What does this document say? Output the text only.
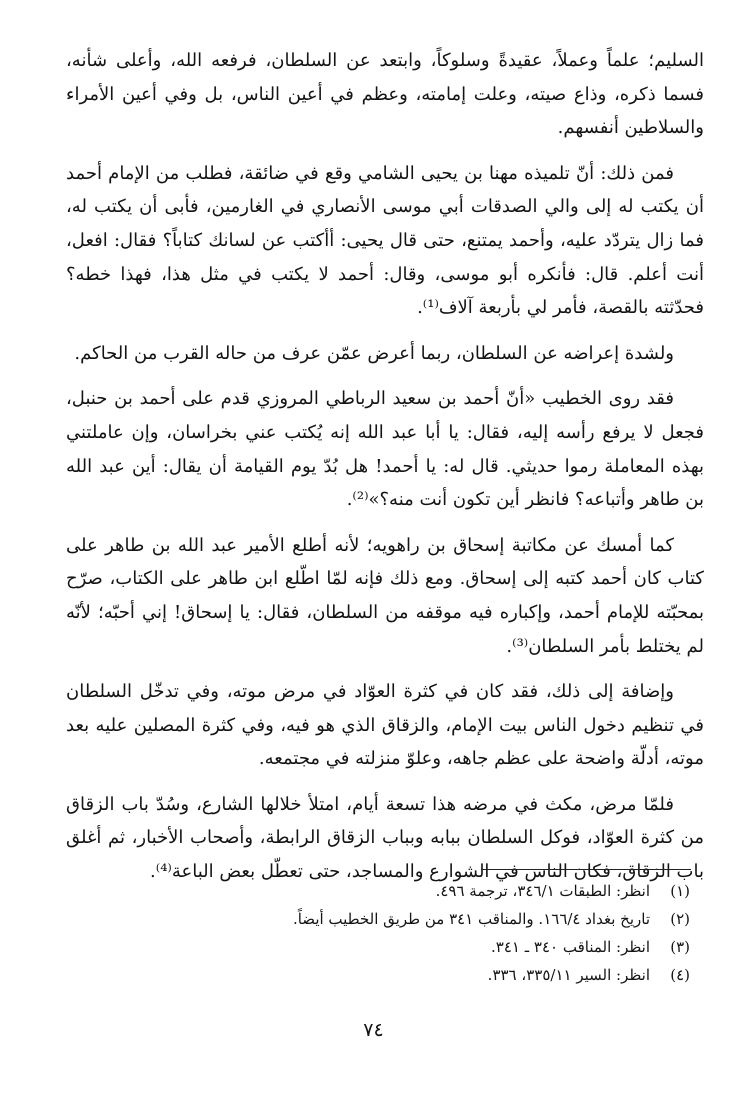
السليم؛ علماً وعملاً، عقيدةً وسلوكاً، وابتعد عن السلطان، فرفعه الله، وأعلى شأنه، فسما ذكره، وذاع صيته، وعلت إمامته، وعظم في أعين الناس، بل وفي أعين الأمراء والسلاطين أنفسهم.

فمن ذلك: أنّ تلميذه مهنا بن يحيى الشامي وقع في ضائقة، فطلب من الإمام أحمد أن يكتب له إلى والي الصدقات أبي موسى الأنصاري في الغارمين، فأبى أن يكتب له، فما زال يتردّد عليه، وأحمد يمتنع، حتى قال يحيى: أأكتب عن لسانك كتاباً؟ فقال: افعل، أنت أعلم. قال: فأنكره أبو موسى، وقال: أحمد لا يكتب في مثل هذا، فهذا خطه؟ فحدّثته بالقصة، فأمر لي بأربعة آلاف⁽¹⁾.

ولشدة إعراضه عن السلطان، ربما أعرض عمّن عرف من حاله القرب من الحاكم.

فقد روى الخطيب «أنّ أحمد بن سعيد الرباطي المروزي قدم على أحمد بن حنبل، فجعل لا يرفع رأسه إليه، فقال: يا أبا عبد الله إنه يُكتب عني بخراسان، وإن عاملتني بهذه المعاملة رموا حديثي. قال له: يا أحمد! هل بُدّ يوم القيامة أن يقال: أين عبد الله بن طاهر وأتباعه؟ فانظر أين تكون أنت منه؟»⁽²⁾.

كما أمسك عن مكاتبة إسحاق بن راهويه؛ لأنه أطلع الأمير عبد الله بن طاهر على كتاب كان أحمد كتبه إلى إسحاق. ومع ذلك فإنه لمّا اطّلع ابن طاهر على الكتاب، صرّح بمحبّته للإمام أحمد، وإكباره فيه موقفه من السلطان، فقال: يا إسحاق! إني أحبّه؛ لأنّه لم يختلط بأمر السلطان⁽³⁾.

وإضافة إلى ذلك، فقد كان في كثرة العوّاد في مرض موته، وفي تدخّل السلطان في تنظيم دخول الناس بيت الإمام، والزقاق الذي هو فيه، وفي كثرة المصلين عليه بعد موته، أدلّة واضحة على عظم جاهه، وعلوّ منزلته في مجتمعه.

فلمّا مرض، مكث في مرضه هذا تسعة أيام، امتلأ خلالها الشارع، وسُدّ باب الزقاق من كثرة العوّاد، فوكل السلطان ببابه وبباب الزقاق الرابطة، وأصحاب الأخبار، ثم أغلق باب الزقاق، فكان الناس في الشوارع والمساجد، حتى تعطّل بعض الباعة⁽⁴⁾.

(١)انظر: الطبقات ٣٤٦/١، ترجمة ٤٩٦.

(٢)تاريخ بغداد ١٦٦/٤. والمناقب ٣٤١ من طريق الخطيب أيضاً.

(٣)انظر: المناقب ٣٤٠ ـ ٣٤١.

(٤)انظر: السير ٣٣٥/١١، ٣٣٦.

٧٤
